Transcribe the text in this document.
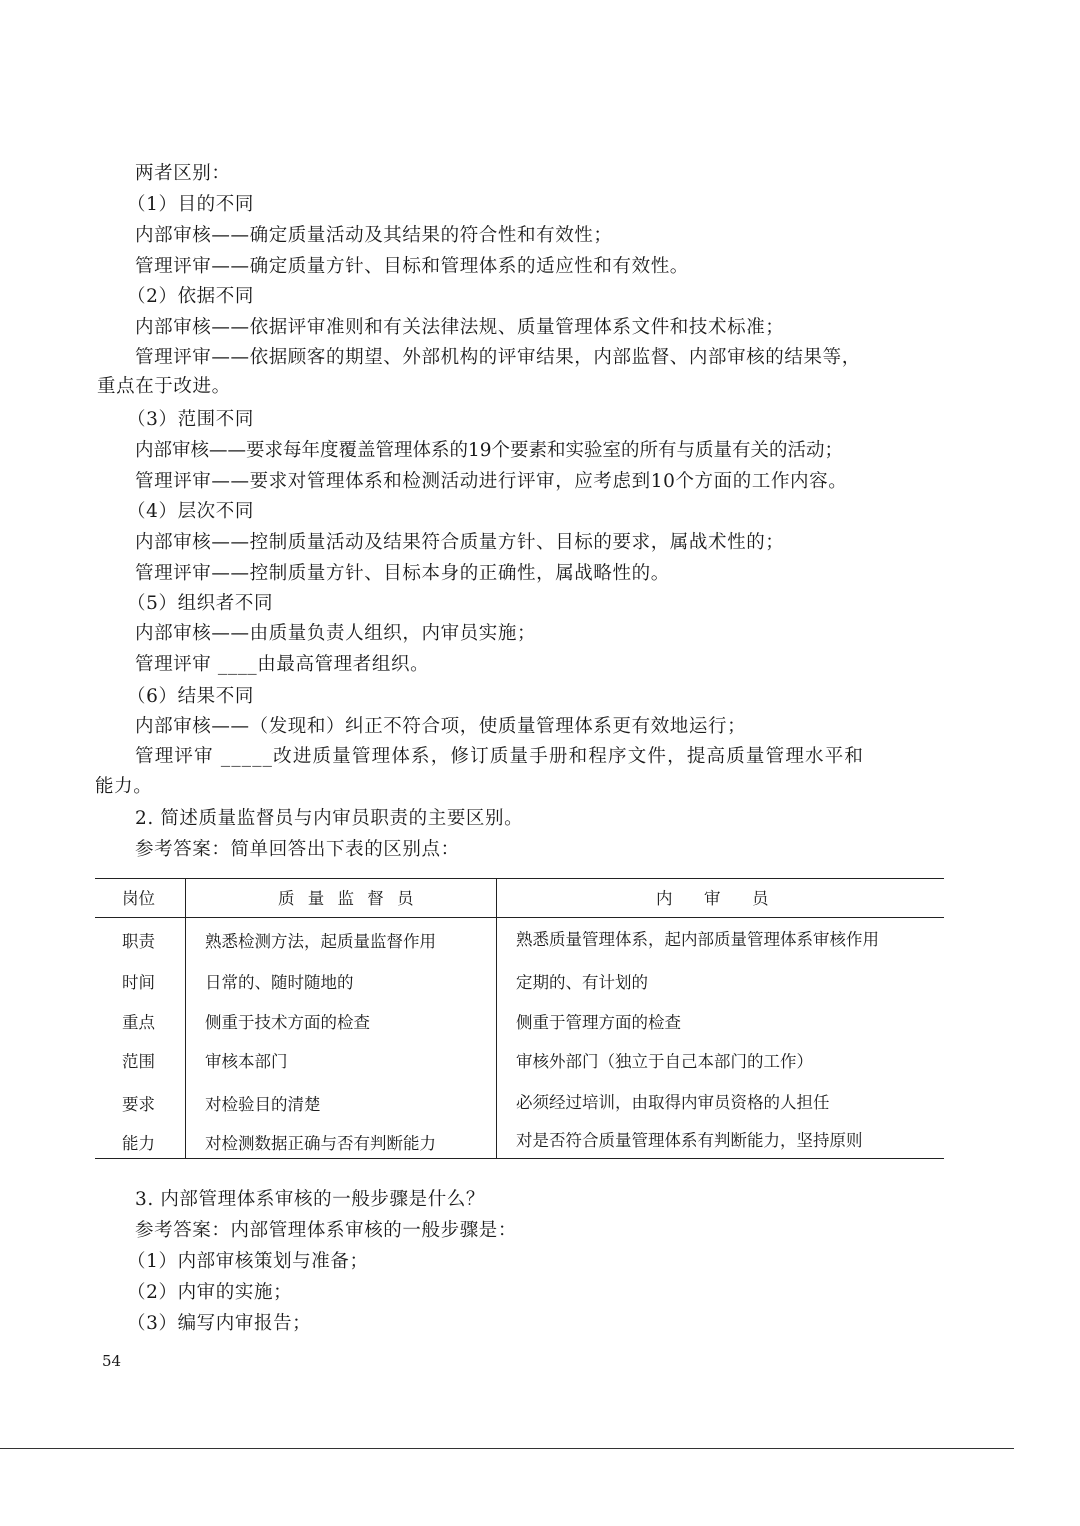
两者区别：
（1）目的不同
内部审核——确定质量活动及其结果的符合性和有效性；
管理评审——确定质量方针、目标和管理体系的适应性和有效性。
（2）依据不同
内部审核——依据评审准则和有关法律法规、质量管理体系文件和技术标准；
管理评审——依据顾客的期望、外部机构的评审结果，内部监督、内部审核的结果等，
重点在于改进。
（3）范围不同
内部审核——要求每年度覆盖管理体系的19个要素和实验室的所有与质量有关的活动；
管理评审——要求对管理体系和检测活动进行评审，应考虑到10个方面的工作内容。
（4）层次不同
内部审核——控制质量活动及结果符合质量方针、目标的要求，属战术性的；
管理评审——控制质量方针、目标本身的正确性，属战略性的。
（5）组织者不同
内部审核——由质量负责人组织，内审员实施；
管理评审 ____由最高管理者组织。
（6）结果不同
内部审核——（发现和）纠正不符合项，使质量管理体系更有效地运行；
管理评审 _____改进质量管理体系，修订质量手册和程序文件，提高质量管理水平和
能力。
2. 简述质量监督员与内审员职责的主要区别。
参考答案：简单回答出下表的区别点：
岗位	质 量 监 督 员	内      审      员
职责	熟悉检测方法，起质量监督作用	熟悉质量管理体系，起内部质量管理体系审核作用
时间	日常的、随时随地的	定期的、有计划的
重点	侧重于技术方面的检查	侧重于管理方面的检查
范围	审核本部门	审核外部门（独立于自己本部门的工作）
要求	对检验目的清楚	必须经过培训，由取得内审员资格的人担任
能力	对检测数据正确与否有判断能力	对是否符合质量管理体系有判断能力，坚持原则
3. 内部管理体系审核的一般步骤是什么？
参考答案：内部管理体系审核的一般步骤是：
（1）内部审核策划与准备；
（2）内审的实施；
（3）编写内审报告；
54
